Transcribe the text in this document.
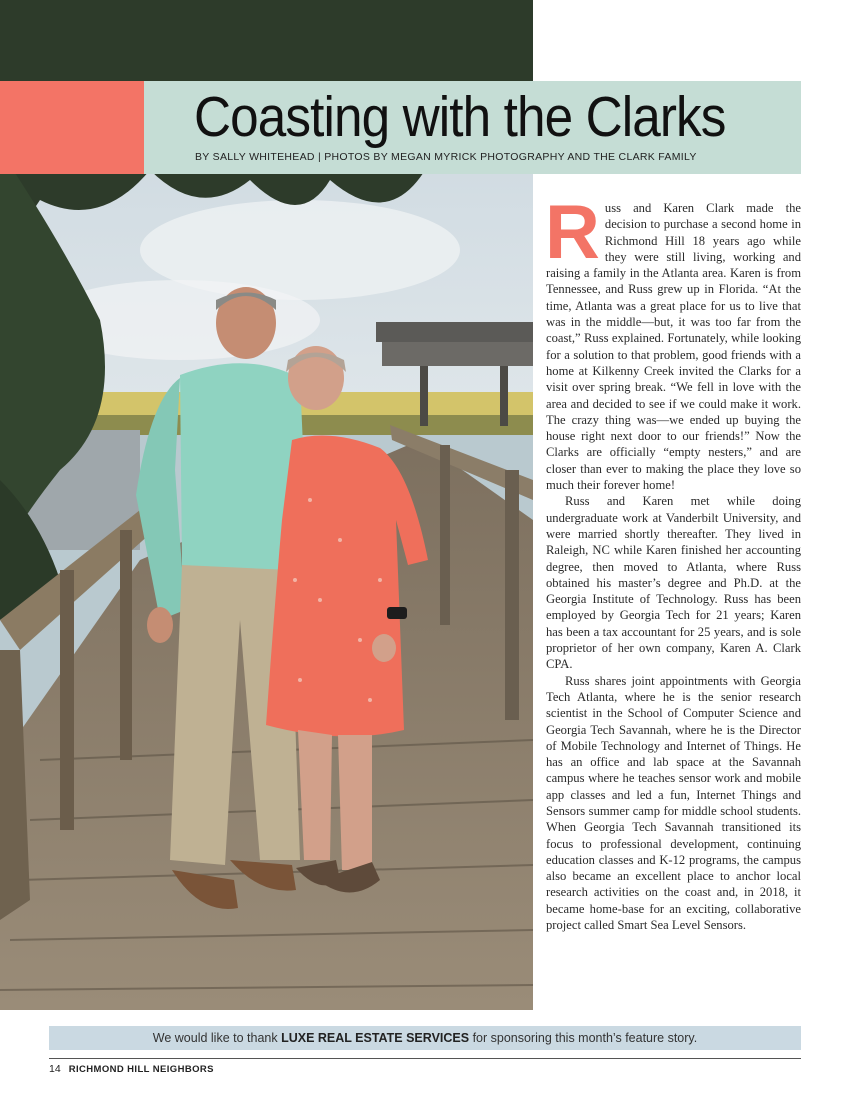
Coasting with the Clarks
BY SALLY WHITEHEAD | PHOTOS BY MEGAN MYRICK PHOTOGRAPHY AND THE CLARK FAMILY

Russ and Karen Clark made the decision to purchase a second home in Richmond Hill 18 years ago while they were still living, working and raising a family in the Atlanta area. Karen is from Tennessee, and Russ grew up in Florida. “At the time, Atlanta was a great place for us to live that was in the middle—but, it was too far from the coast,” Russ explained. Fortunately, while looking for a solution to that problem, good friends with a home at Kilkenny Creek invited the Clarks for a visit over spring break. “We fell in love with the area and decided to see if we could make it work. The crazy thing was—we ended up buying the house right next door to our friends!” Now the Clarks are officially “empty nesters,” and are closer than ever to making the place they love so much their forever home!

Russ and Karen met while doing undergraduate work at Vanderbilt University, and were married shortly thereafter. They lived in Raleigh, NC while Karen finished her accounting degree, then moved to Atlanta, where Russ obtained his master’s degree and Ph.D. at the Georgia Institute of Technology. Russ has been employed by Georgia Tech for 21 years; Karen has been a tax accountant for 25 years, and is sole proprietor of her own company, Karen A. Clark CPA.

Russ shares joint appointments with Georgia Tech Atlanta, where he is the senior research scientist in the School of Computer Science and Georgia Tech Savannah, where he is the Director of Mobile Technology and Internet of Things. He has an office and lab space at the Savannah campus where he teaches sensor work and mobile app classes and led a fun, Internet Things and Sensors summer camp for middle school students. When Georgia Tech Savannah transitioned its focus to professional development, continuing education classes and K-12 programs, the campus also became an excellent place to anchor local research activities on the coast and, in 2018, it became home-base for an exciting, collaborative project called Smart Sea Level Sensors.

We would like to thank LUXE REAL ESTATE SERVICES for sponsoring this month’s feature story.
14 RICHMOND HILL NEIGHBORS
